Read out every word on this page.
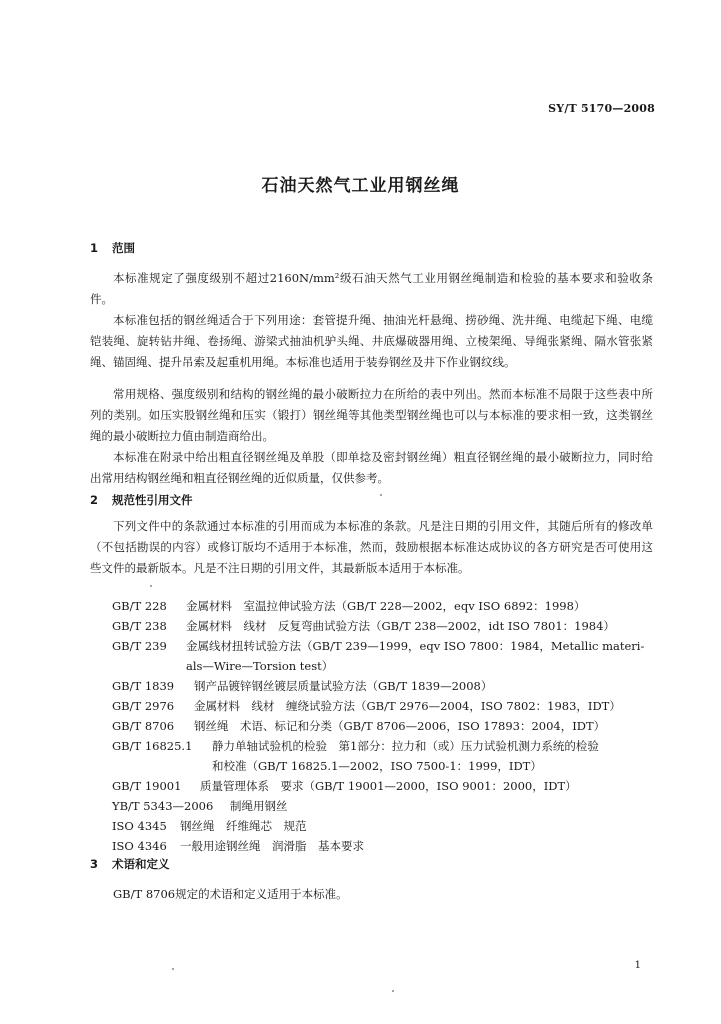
SY/T 5170—2008
石油天然气工业用钢丝绳
1 范围
本标准规定了强度级别不超过2160N/mm²级石油天然气工业用钢丝绳制造和检验的基本要求和验收条件。
本标准包括的钢丝绳适合于下列用途：套管提升绳、抽油光杆悬绳、捞砂绳、洗井绳、电缆起下绳、电缆铠装绳、旋转钻井绳、卷扬绳、游梁式抽油机驴头绳、井底爆破器用绳、立棱架绳、导绳张紧绳、隔水管张紧绳、锚固绳、提升吊索及起重机用绳。本标准也适用于装券钢丝及井下作业钢纹线。
常用规格、强度级别和结构的钢丝绳的最小破断拉力在所给的表中列出。然而本标准不局限于这些表中所列的类别。如压实股钢丝绳和压实（锻打）钢丝绳等其他类型钢丝绳也可以与本标准的要求相一致，这类钢丝绳的最小破断拉力值由制造商给出。
本标准在附录中给出粗直径钢丝绳及单股（即单捻及密封钢丝绳）粗直径钢丝绳的最小破断拉力，同时给出常用结构钢丝绳和粗直径钢丝绳的近似质量，仅供参考。
2 规范性引用文件
下列文件中的条款通过本标准的引用而成为本标准的条款。凡是注日期的引用文件，其随后所有的修改单（不包括勘误的内容）或修订版均不适用于本标准，然而，鼓励根据本标准达成协议的各方研究是否可使用这些文件的最新版本。凡是不注日期的引用文件，其最新版本适用于本标准。
GB/T 228 金属材料　室温拉伸试验方法（GB/T 228—2002，eqv ISO 6892：1998）
GB/T 238 金属材料　线材　反复弯曲试验方法（GB/T 238—2002，idt ISO 7801：1984）
GB/T 239 金属线材扭转试验方法（GB/T 239—1999，eqv ISO 7800：1984，Metallic materi-
als—Wire—Torsion test）
GB/T 1839 钢产品镀锌钢丝镀层质量试验方法（GB/T 1839—2008）
GB/T 2976 金属材料　线材　缠绕试验方法（GB/T 2976—2004，ISO 7802：1983，IDT）
GB/T 8706 钢丝绳　术语、标记和分类（GB/T 8706—2006，ISO 17893：2004，IDT）
GB/T 16825.1 静力单轴试验机的检验　第1部分：拉力和（或）压力试验机测力系统的检验
和校准（GB/T 16825.1—2002，ISO 7500-1：1999，IDT）
GB/T 19001 质量管理体系　要求（GB/T 19001—2000，ISO 9001：2000，IDT）
YB/T 5343—2006 制绳用钢丝
ISO 4345 钢丝绳　纤维绳芯　规范
ISO 4346 一般用途钢丝绳　润滑脂　基本要求
3 术语和定义
GB/T 8706规定的术语和定义适用于本标准。
1
